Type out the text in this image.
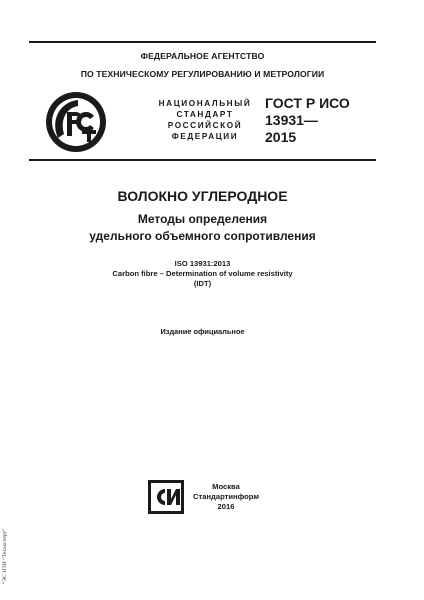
ФЕДЕРАЛЬНОЕ АГЕНТСТВО
ПО ТЕХНИЧЕСКОМУ РЕГУЛИРОВАНИЮ И МЕТРОЛОГИИ
НАЦИОНАЛЬНЫЙ
СТАНДАРТ
РОССИЙСКОЙ
ФЕДЕРАЦИИ
ГОСТ Р ИСО
13931—
2015
ВОЛОКНО УГЛЕРОДНОЕ
Методы определения
удельного объемного сопротивления
ISO 13931:2013
Carbon fibre – Determination of volume resistivity
(IDT)
Издание официальное
Москва
Стандартинформ
2016
“ЭС НТИ “Техэксперт”
